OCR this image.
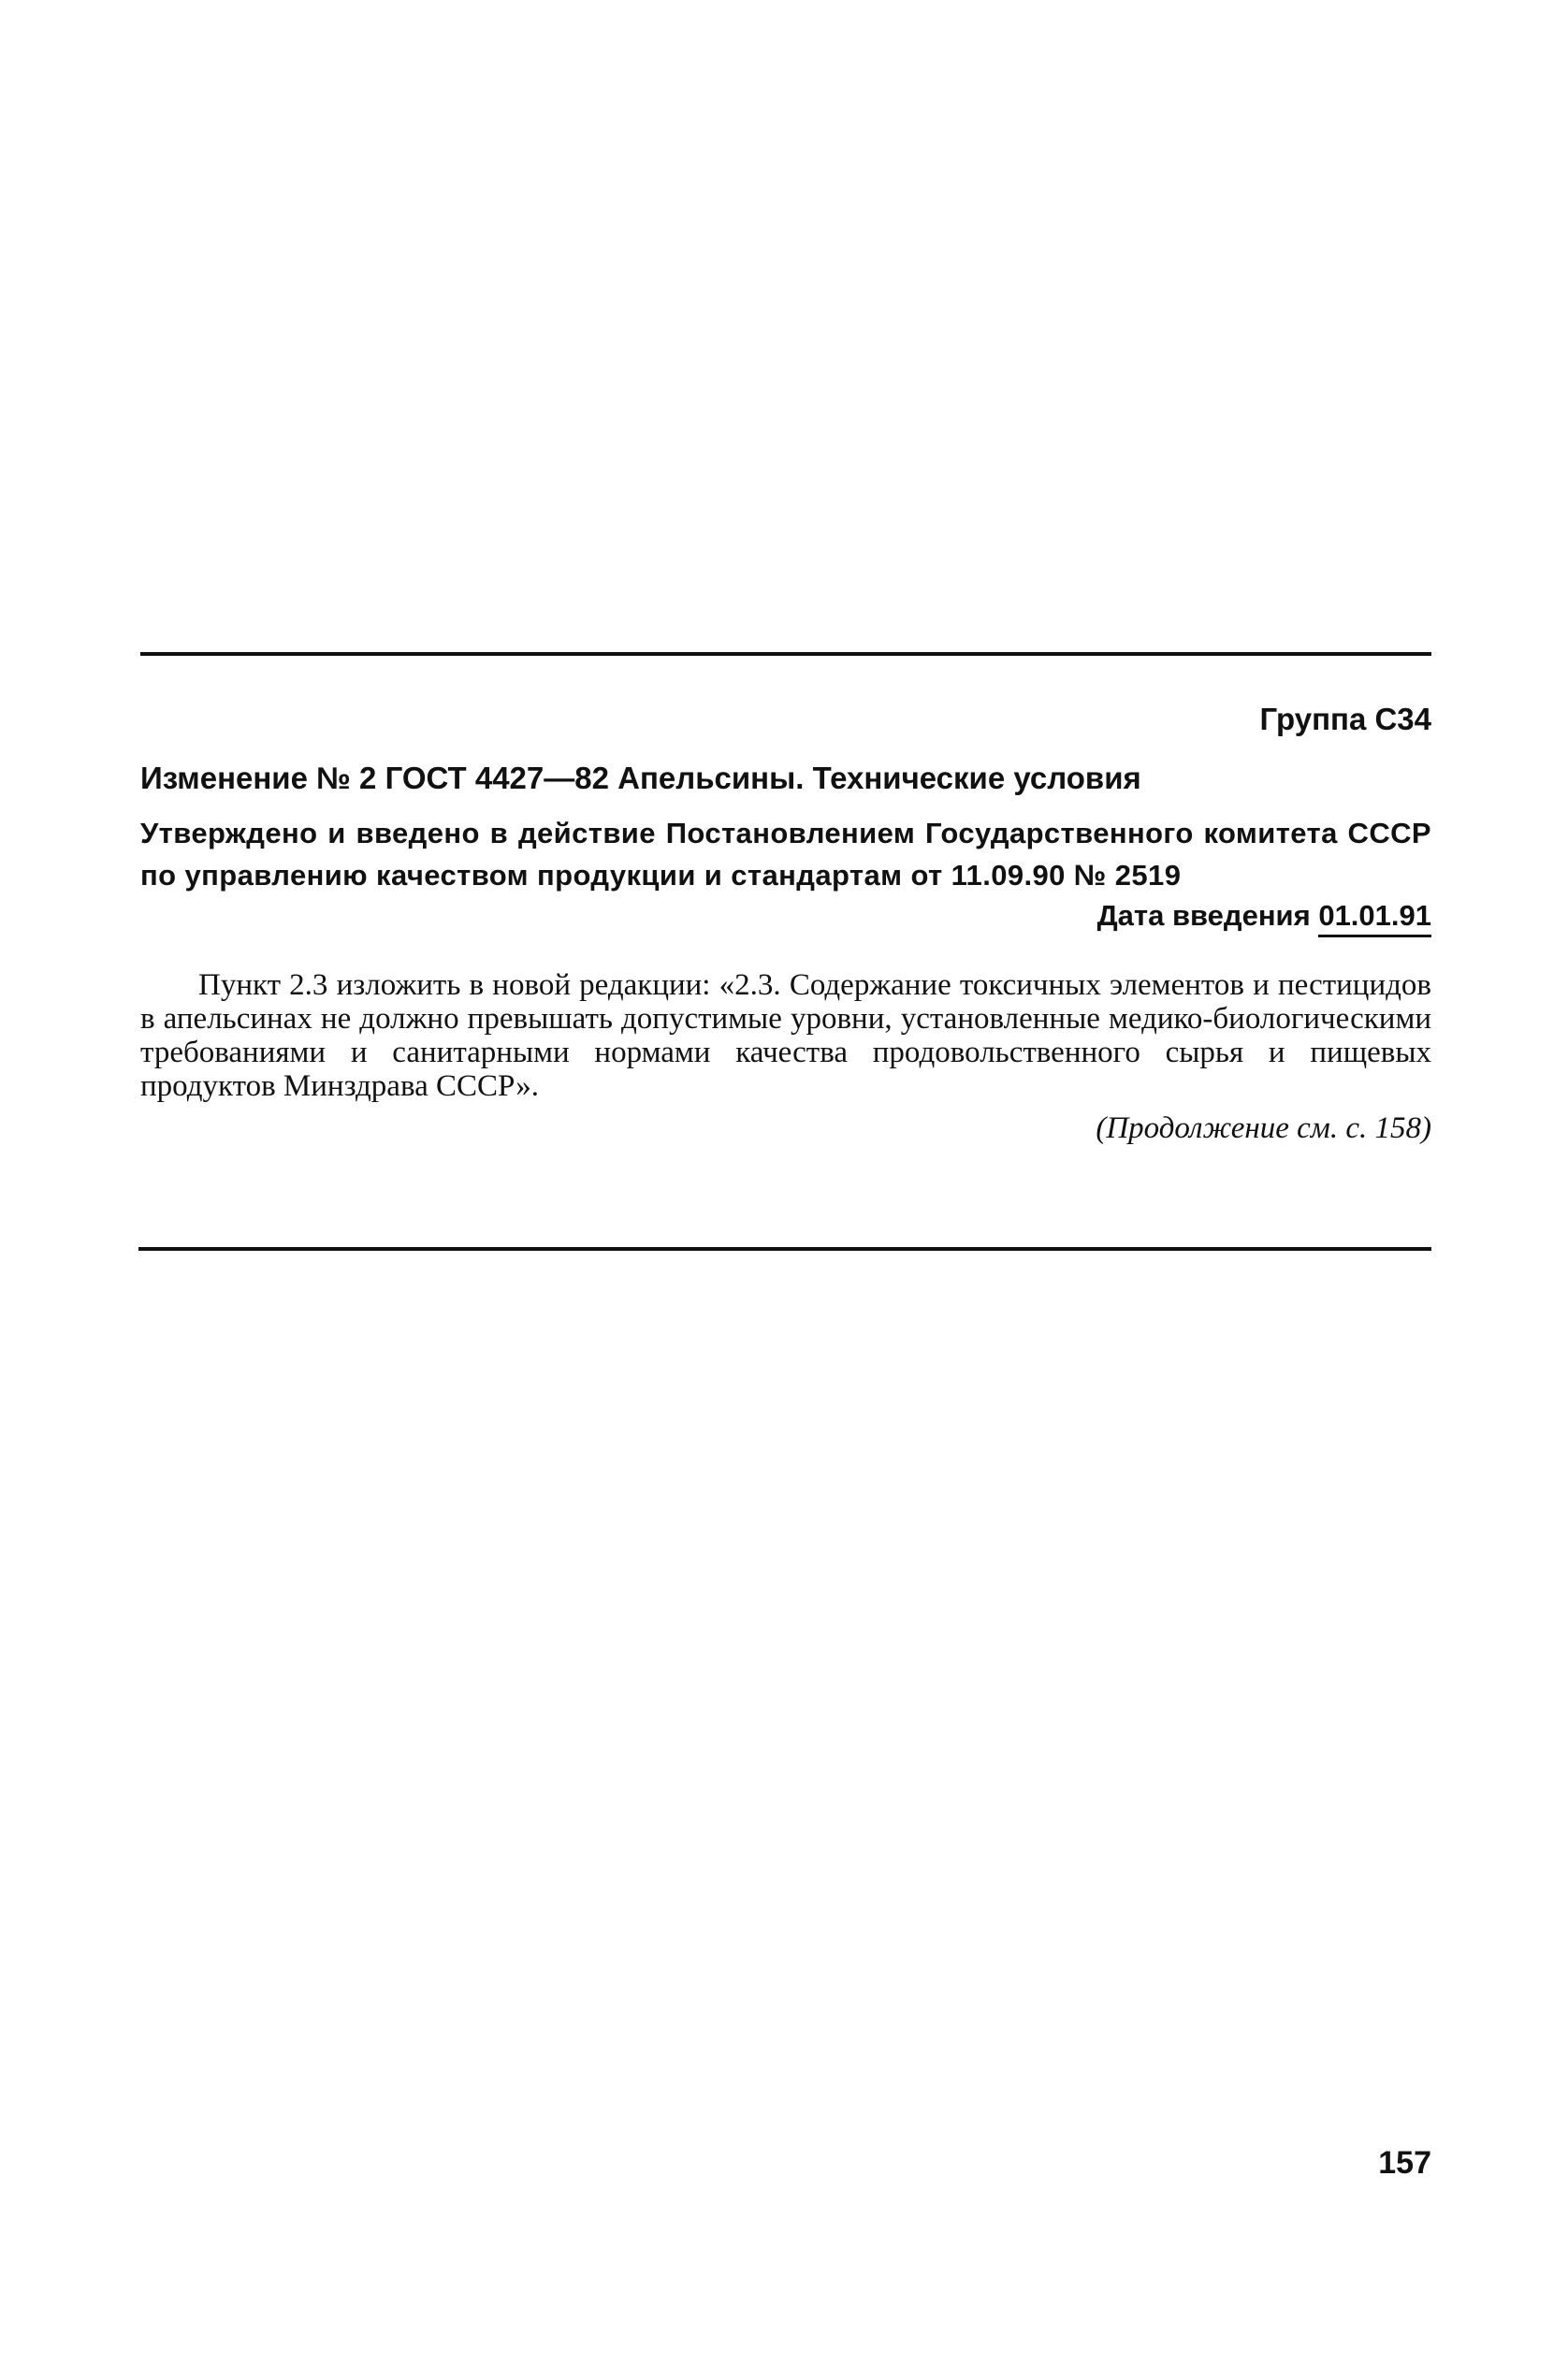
Группа С34
Изменение № 2 ГОСТ 4427—82 Апельсины. Технические условия
Утверждено и введено в действие Постановлением Государственного комитета СССР по управлению качеством продукции и стандартам от 11.09.90 № 2519
Дата введения 01.01.91
Пункт 2.3 изложить в новой редакции: «2.3. Содержание токсичных элементов и пестицидов в апельсинах не должно превышать допустимые уровни, установленные медико-биологическими требованиями и санитарными нормами качества продовольственного сырья и пищевых продуктов Минздрава СССР».
(Продолжение см. с. 158)
157
